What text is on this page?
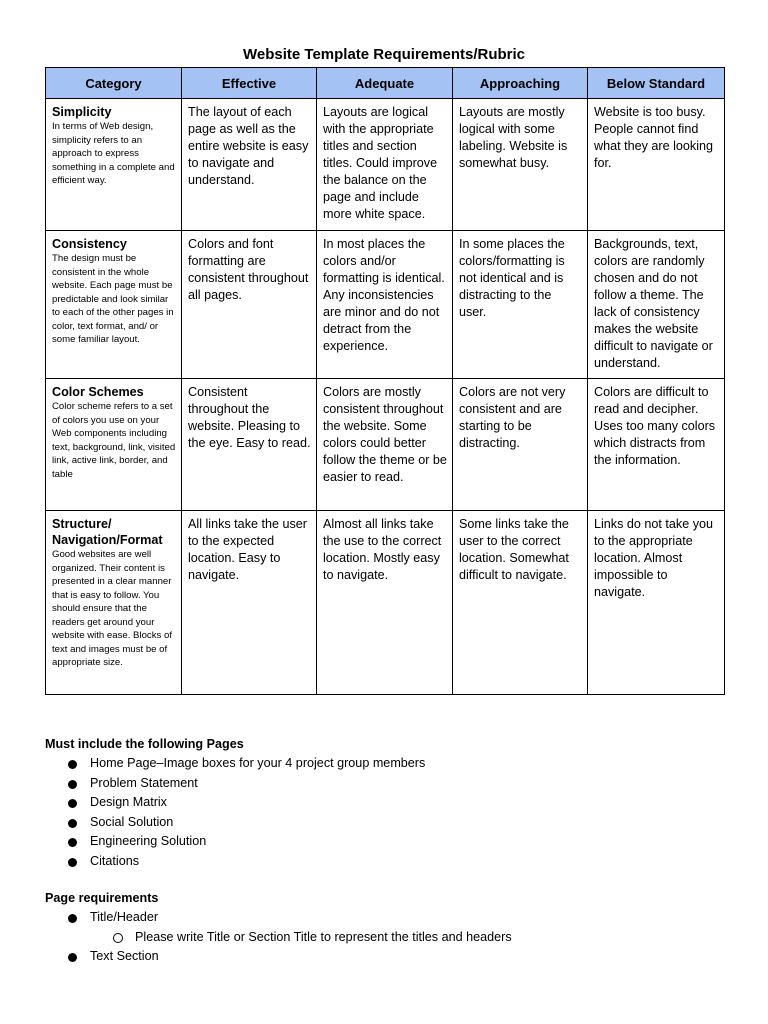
Website Template Requirements/Rubric
Category	Effective	Adequate	Approaching	Below Standard

Simplicity
In terms of Web design, simplicity refers to an approach to express something in a complete and efficient way.	The layout of each page as well as the entire website is easy to navigate and understand.	Layouts are logical with the appropriate titles and section titles. Could improve the balance on the page and include more white space.	Layouts are mostly logical with some labeling. Website is somewhat busy.	Website is too busy. People cannot find what they are looking for.

Consistency
The design must be consistent in the whole website. Each page must be predictable and look similar to each of the other pages in color, text format, and/ or some familiar layout.	Colors and font formatting are consistent throughout all pages.	In most places the colors and/or formatting is identical. Any inconsistencies are minor and do not detract from the experience.	In some places the colors/formatting is not identical and is distracting to the user.	Backgrounds, text, colors are randomly chosen and do not follow a theme. The lack of consistency makes the website difficult to navigate or understand.

Color Schemes
Color scheme refers to a set of colors you use on your Web components including text, background, link, visited link, active link, border, and table	Consistent throughout the website. Pleasing to the eye. Easy to read.	Colors are mostly consistent throughout the website. Some colors could better follow the theme or be easier to read.	Colors are not very consistent and are starting to be distracting.	Colors are difficult to read and decipher. Uses too many colors which distracts from the information.

Structure/ Navigation/Format
Good websites are well organized. Their content is presented in a clear manner that is easy to follow. You should ensure that the readers get around your website with ease. Blocks of text and images must be of appropriate size.	All links take the user to the expected location. Easy to navigate.	Almost all links take the use to the correct location. Mostly easy to navigate.	Some links take the user to the correct location. Somewhat difficult to navigate.	Links do not take you to the appropriate location. Almost impossible to navigate.
Must include the following Pages
Home Page–Image boxes for your 4 project group members
Problem Statement
Design Matrix
Social Solution
Engineering Solution
Citations
Page requirements
Title/Header
Please write Title or Section Title to represent the titles and headers
Text Section
